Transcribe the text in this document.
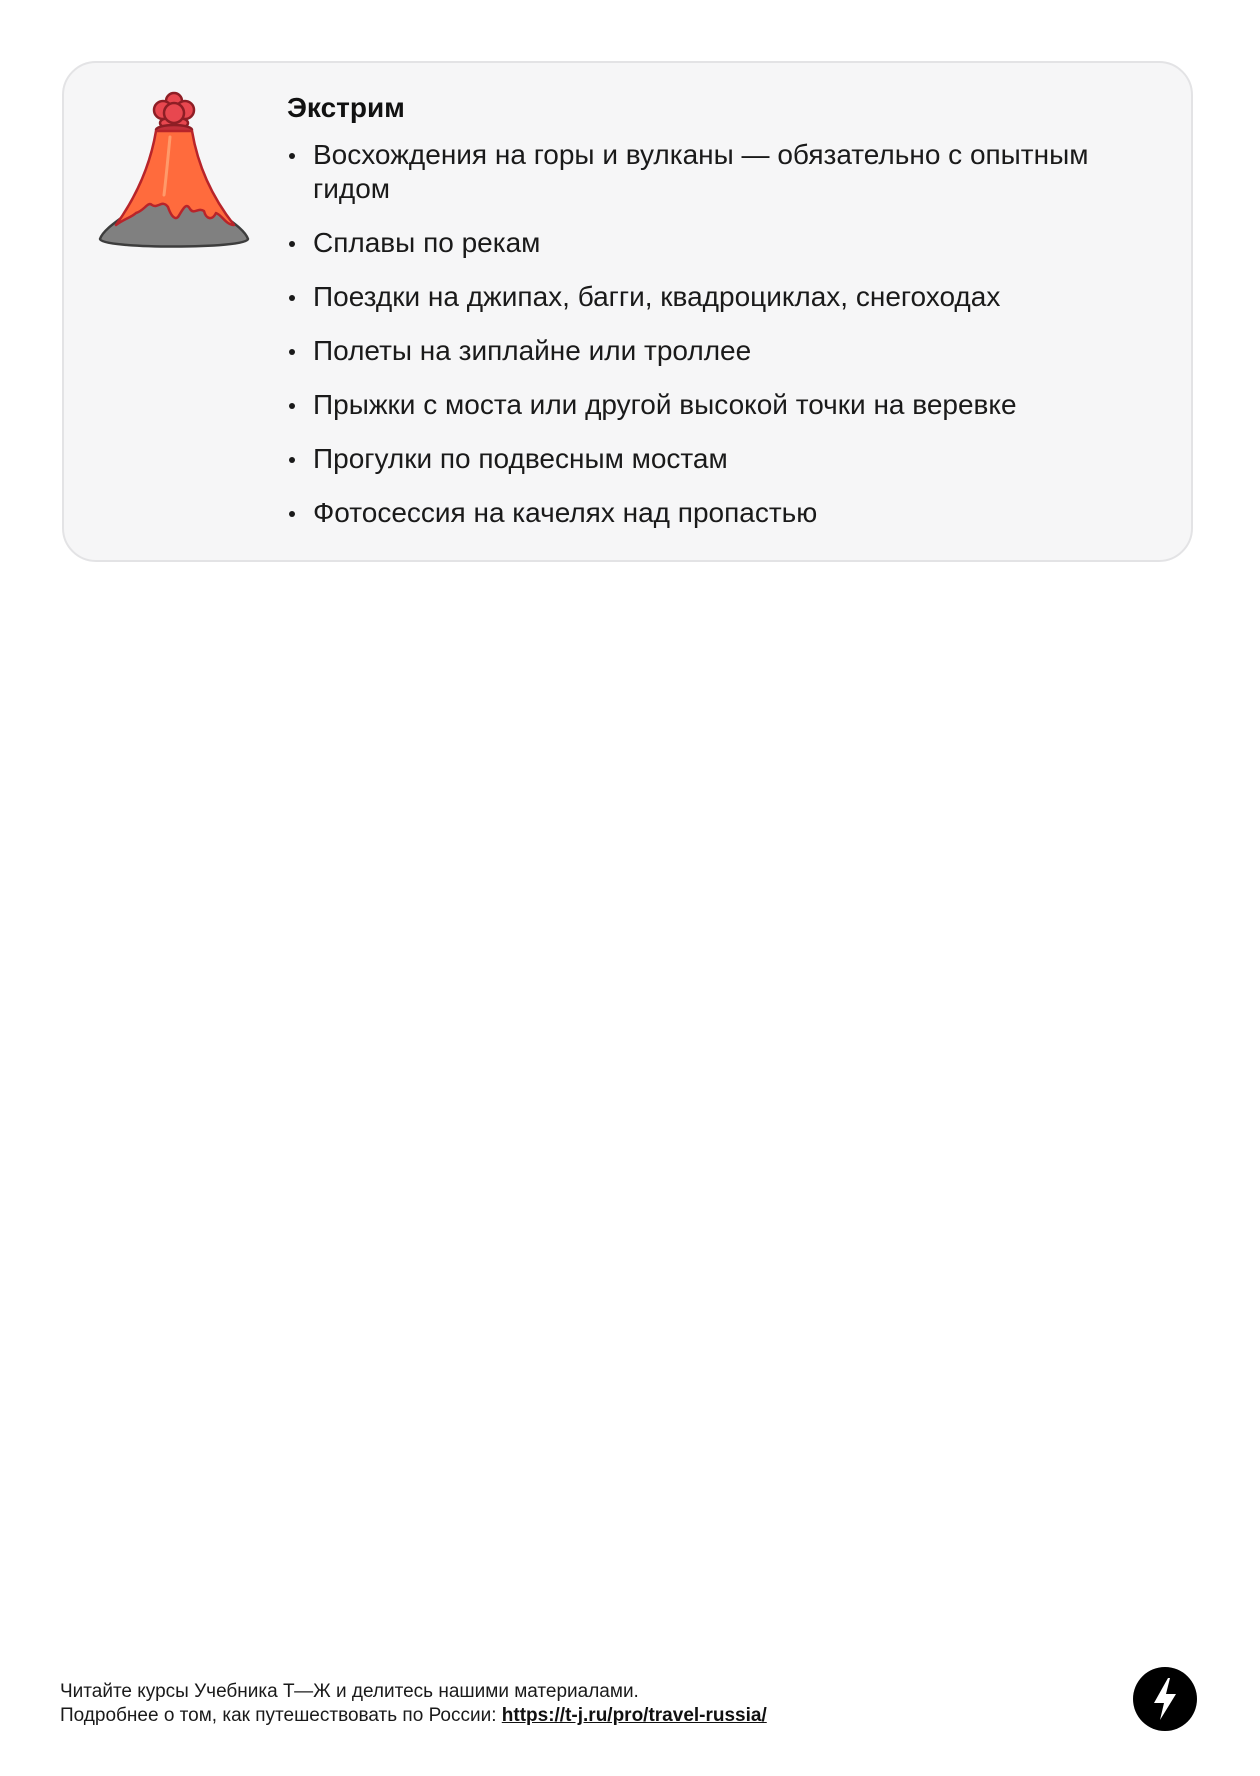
Экстрим
Восхождения на горы и вулканы — обязательно с опытным гидом
Сплавы по рекам
Поездки на джипах, багги, квадроциклах, снегоходах
Полеты на зиплайне или троллее
Прыжки с моста или другой высокой точки на веревке
Прогулки по подвесным мостам
Фотосессия на качелях над пропастью
Читайте курсы Учебника Т—Ж и делитесь нашими материалами.
Подробнее о том, как путешествовать по России: https://t-j.ru/pro/travel-russia/
